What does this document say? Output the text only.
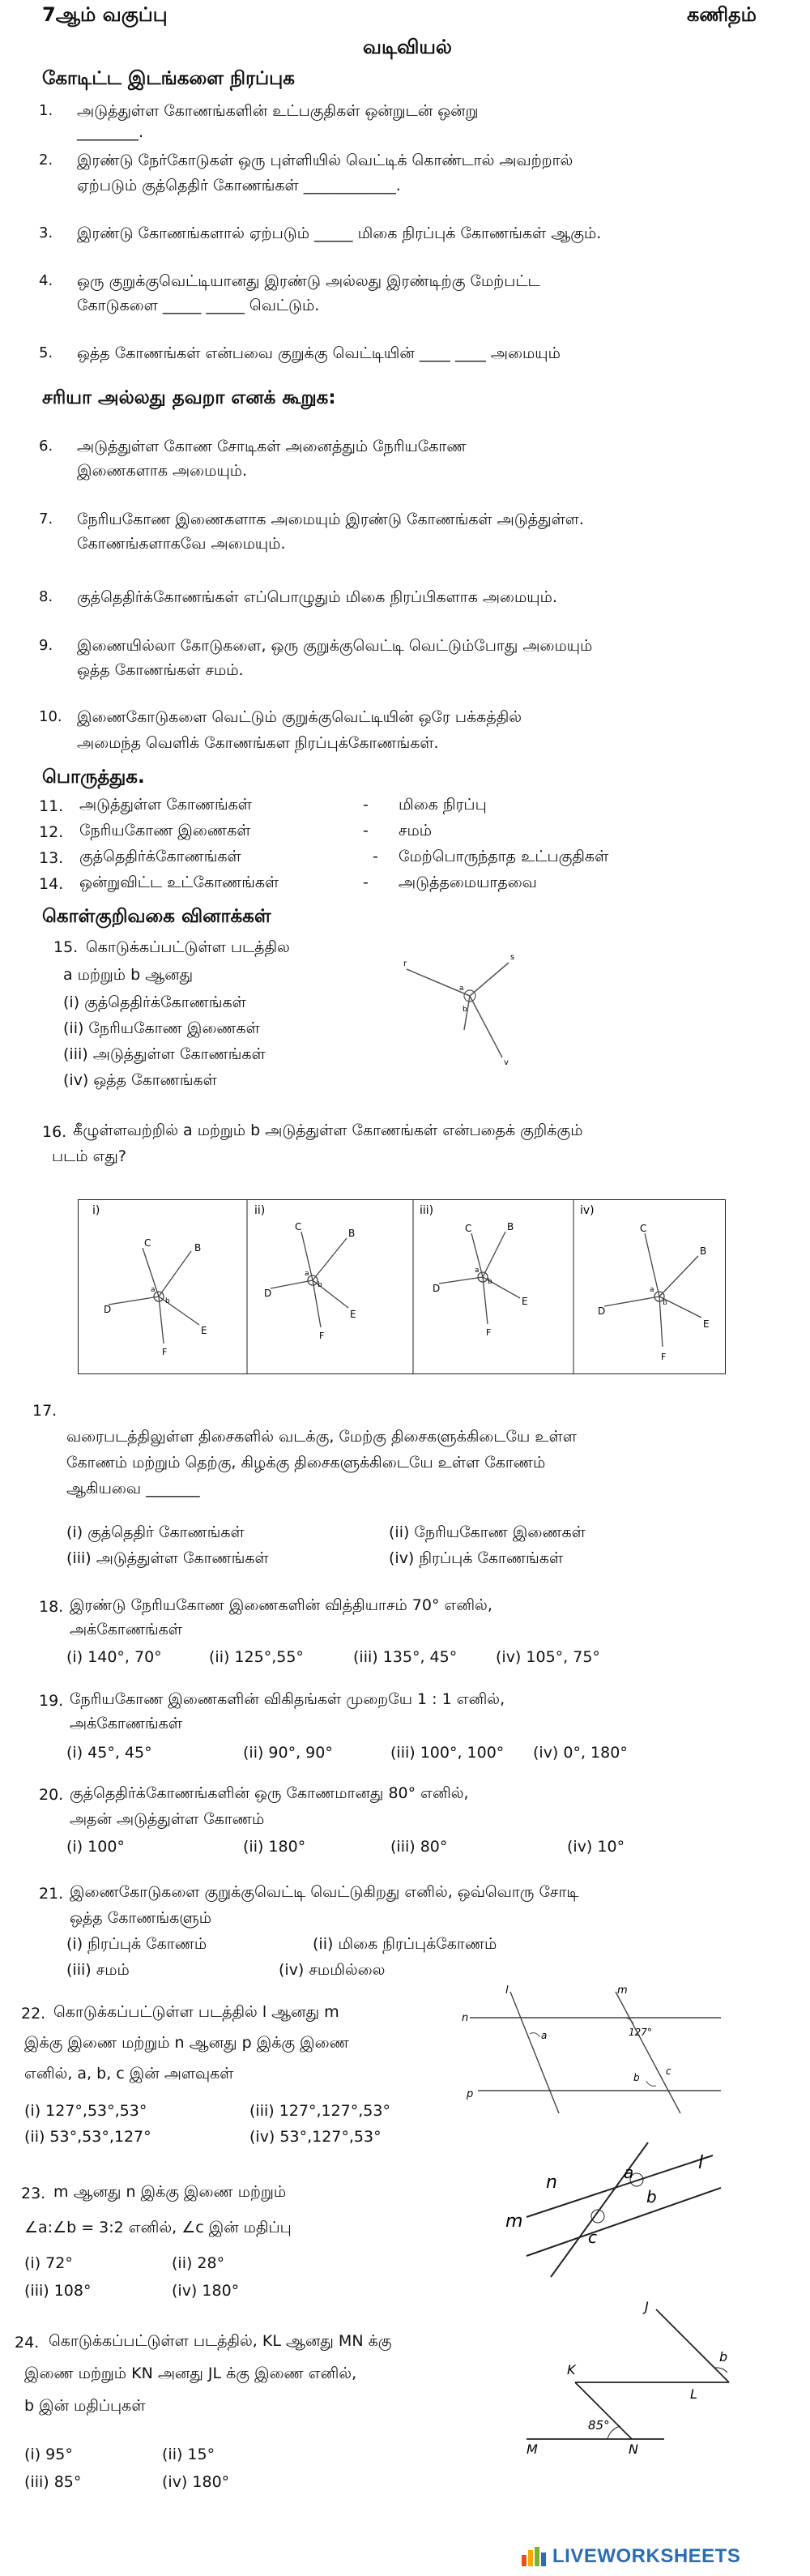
7ஆம் வகுப்பு	கணிதம்
வடிவியல்
கோடிட்ட இடங்களை நிரப்புக
1. அடுத்துள்ள கோணங்களின் உட்பகுதிகள் ஒன்றுடன் ஒன்று
________.
2. இரண்டு நேர்கோடுகள் ஒரு புள்ளியில் வெட்டிக் கொண்டால் அவற்றால்
ஏற்படும் குத்தெதிர் கோணங்கள் ____________.
3. இரண்டு கோணங்களால் ஏற்படும் _____ மிகை நிரப்புக் கோணங்கள் ஆகும்.
4. ஒரு குறுக்குவெட்டியானது இரண்டு அல்லது இரண்டிற்கு மேற்பட்ட
கோடுகளை _____ _____ வெட்டும்.
5. ஒத்த கோணங்கள் என்பவை குறுக்கு வெட்டியின் ____ ____ அமையும்
சரியா அல்லது தவறா எனக் கூறுக:
6. அடுத்துள்ள கோண சோடிகள் அனைத்தும் நேரியகோண
இணைகளாக அமையும்.
7. நேரியகோண இணைகளாக அமையும் இரண்டு கோணங்கள் அடுத்துள்ள.
கோணங்களாகவே அமையும்.
8. குத்தெதிர்க்கோணங்கள் எப்பொழுதும் மிகை நிரப்பிகளாக அமையும்.
9. இணையில்லா கோடுகளை, ஒரு குறுக்குவெட்டி வெட்டும்போது அமையும்
ஒத்த கோணங்கள் சமம்.
10. இணைகோடுகளை வெட்டும் குறுக்குவெட்டியின் ஒரே பக்கத்தில்
அமைந்த வெளிக் கோணங்கள நிரப்புக்கோணங்கள்.
பொருத்துக.
11. அடுத்துள்ள கோணங்கள்	- மிகை நிரப்பு
12. நேரியகோண இணைகள்	- சமம்
13. குத்தெதிர்க்கோணங்கள்	- மேற்பொருந்தாத உட்பகுதிகள்
14. ஒன்றுவிட்ட உட்கோணங்கள்	- அடுத்தமையாதவை
கொள்குறிவகை வினாக்கள்
15. கொடுக்கப்பட்டுள்ள படத்தில
a மற்றும் b ஆனது
(i) குத்தெதிர்க்கோணங்கள்
(ii) நேரியகோண இணைகள்
(iii) அடுத்துள்ள கோணங்கள்
(iv) ஒத்த கோணங்கள்
r
s
a
b
v
16. கீழுள்ளவற்றில் a மற்றும் b அடுத்துள்ள கோணங்கள் என்பதைக் குறிக்கும்
படம் எது?
i)	ii)	iii)	iv)
C	B
D
E
F
a
b
C
B
D
E
F
a
b
C	B
D
E
F
a
b
C
B
D
E
F
a
b
17.
வரைபடத்திலுள்ள திசைகளில் வடக்கு, மேற்கு திசைகளுக்கிடையே உள்ள
கோணம் மற்றும் தெற்கு, கிழக்கு திசைகளுக்கிடையே உள்ள கோணம்
ஆகியவை _______
(i) குத்தெதிர் கோணங்கள்	(ii) நேரியகோண இணைகள்
(iii) அடுத்துள்ள கோணங்கள்	(iv) நிரப்புக் கோணங்கள்
18. இரண்டு நேரியகோண இணைகளின் வித்தியாசம் 70° எனில்,
அக்கோணங்கள்
(i) 140°, 70°	(ii) 125°,55°	(iii) 135°, 45°	(iv) 105°, 75°
19. நேரியகோண இணைகளின் விகிதங்கள் முறையே 1 : 1 எனில்,
அக்கோணங்கள்
(i) 45°, 45°	(ii) 90°, 90°	(iii) 100°, 100° (iv) 0°, 180°
20. குத்தெதிர்க்கோணங்களின் ஒரு கோணமானது 80° எனில்,
அதன் அடுத்துள்ள கோணம்
(i) 100°	(ii) 180°	(iii) 80°	(iv) 10°
21. இணைகோடுகளை குறுக்குவெட்டி வெட்டுகிறது எனில், ஒவ்வொரு சோடி
ஒத்த கோணங்களும்
(i) நிரப்புக் கோணம்	(ii) மிகை நிரப்புக்கோணம்
(iii) சமம்	(iv) சமமில்லை
22. கொடுக்கப்பட்டுள்ள படத்தில் l ஆனது m
இக்கு இணை மற்றும் n ஆனது p இக்கு இணை
எனில், a, b, c இன் அளவுகள்
(i) 127°,53°,53°	(iii) 127°,127°,53°
(ii) 53°,53°,127°	(iv) 53°,127°,53°
l	m
n
p
a	127°
b
c
23. m ஆனது n இக்கு இணை மற்றும்
∠a:∠b = 3:2 எனில், ∠c இன் மதிப்பு
(i) 72°	(ii) 28°
(iii) 108°	(iv) 180°
n
l
m
a
b
c
24. கொடுக்கப்பட்டுள்ள படத்தில், KL ஆனது MN க்கு
இணை மற்றும் KN அனது JL க்கு இணை எனில்,
b இன் மதிப்புகள்
(i) 95°	(ii) 15°
(iii) 85°	(iv) 180°
J
K
L
M	N
b
85°
LIVEWORKSHEETS
